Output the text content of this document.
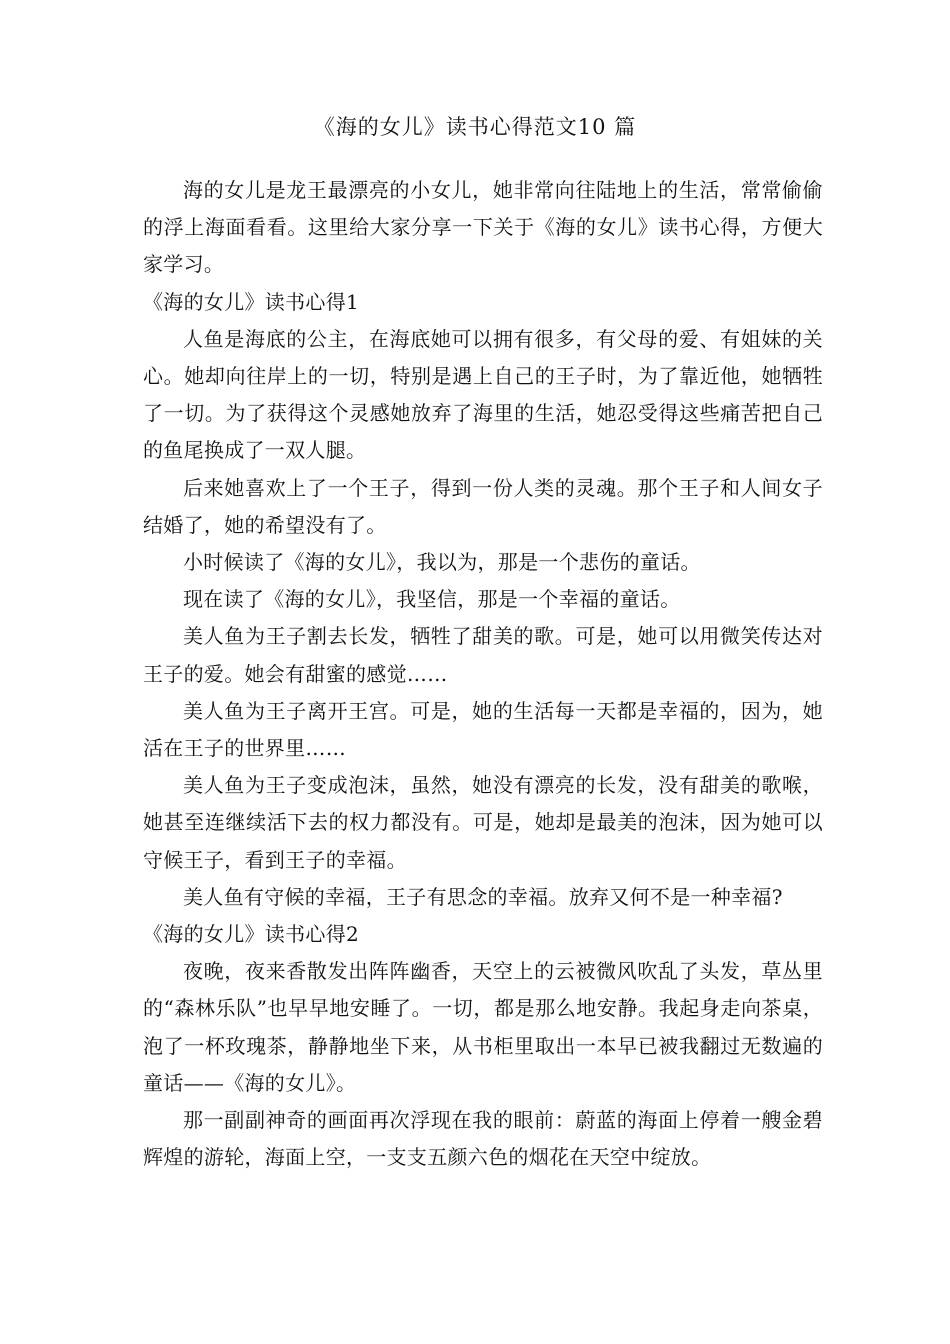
《海的女儿》读书心得范文10 篇

海的女儿是龙王最漂亮的小女儿，她非常向往陆地上的生活，常常偷偷的浮上海面看看。这里给大家分享一下关于《海的女儿》读书心得，方便大家学习。

《海的女儿》读书心得1

人鱼是海底的公主，在海底她可以拥有很多，有父母的爱、有姐妹的关心。她却向往岸上的一切，特别是遇上自己的王子时，为了靠近他，她牺牲了一切。为了获得这个灵感她放弃了海里的生活，她忍受得这些痛苦把自己的鱼尾换成了一双人腿。

后来她喜欢上了一个王子，得到一份人类的灵魂。那个王子和人间女子结婚了，她的希望没有了。

小时候读了《海的女儿》，我以为，那是一个悲伤的童话。

现在读了《海的女儿》，我坚信，那是一个幸福的童话。

美人鱼为王子割去长发，牺牲了甜美的歌。可是，她可以用微笑传达对王子的爱。她会有甜蜜的感觉……

美人鱼为王子离开王宫。可是，她的生活每一天都是幸福的，因为，她活在王子的世界里……

美人鱼为王子变成泡沫，虽然，她没有漂亮的长发，没有甜美的歌喉，她甚至连继续活下去的权力都没有。可是，她却是最美的泡沫，因为她可以守候王子，看到王子的幸福。

美人鱼有守候的幸福，王子有思念的幸福。放弃又何不是一种幸福?

《海的女儿》读书心得2

夜晚，夜来香散发出阵阵幽香，天空上的云被微风吹乱了头发，草丛里的“森林乐队”也早早地安睡了。一切，都是那么地安静。我起身走向茶桌，泡了一杯玫瑰茶，静静地坐下来，从书柜里取出一本早已被我翻过无数遍的童话——《海的女儿》。

那一副副神奇的画面再次浮现在我的眼前：蔚蓝的海面上停着一艘金碧辉煌的游轮，海面上空，一支支五颜六色的烟花在天空中绽放。
